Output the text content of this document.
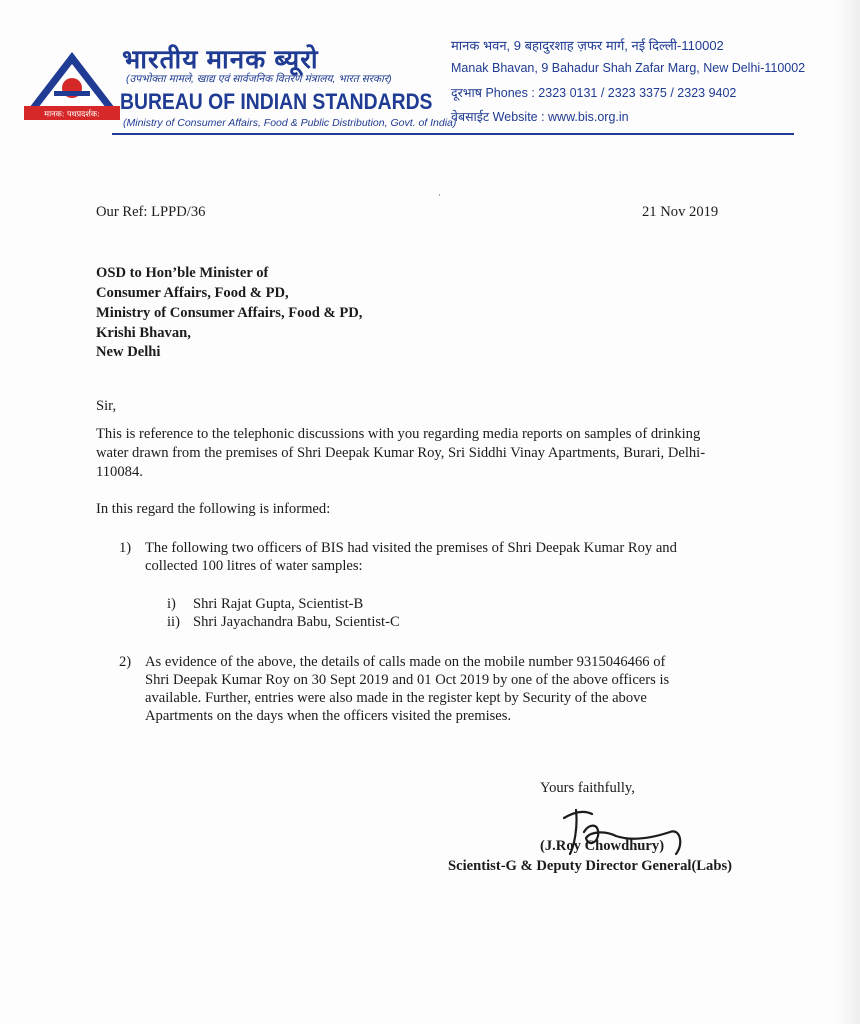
मानक: पथप्रदर्शक:
भारतीय मानक ब्यूरो
(उपभोक्ता मामले, खाद्य एवं सार्वजनिक वितरण मंत्रालय, भारत सरकार)
BUREAU OF INDIAN STANDARDS
(Ministry of Consumer Affairs, Food & Public Distribution, Govt. of India)
मानक भवन, 9 बहादुरशाह ज़फर मार्ग, नई दिल्ली-110002
Manak Bhavan, 9 Bahadur Shah Zafar Marg, New Delhi-110002
दूरभाष Phones : 2323 0131 / 2323 3375 / 2323 9402
वेबसाईट Website : www.bis.org.in
·
Our Ref: LPPD/36	21 Nov 2019
OSD to Hon’ble Minister of
Consumer Affairs, Food & PD,
Ministry of Consumer Affairs, Food & PD,
Krishi Bhavan,
New Delhi
Sir,
This is reference to the telephonic discussions with you regarding media reports on samples of drinking
water drawn from the premises of Shri Deepak Kumar Roy, Sri Siddhi Vinay Apartments, Burari, Delhi-
110084.
In this regard the following is informed:
1) The following two officers of BIS had visited the premises of Shri Deepak Kumar Roy and
collected 100 litres of water samples:
i) Shri Rajat Gupta, Scientist-B
ii) Shri Jayachandra Babu, Scientist-C
2) As evidence of the above, the details of calls made on the mobile number 9315046466 of
Shri Deepak Kumar Roy on 30 Sept 2019 and 01 Oct 2019 by one of the above officers is
available. Further, entries were also made in the register kept by Security of the above
Apartments on the days when the officers visited the premises.
Yours faithfully,
(J.Roy Chowdhury)
Scientist-G & Deputy Director General(Labs)
